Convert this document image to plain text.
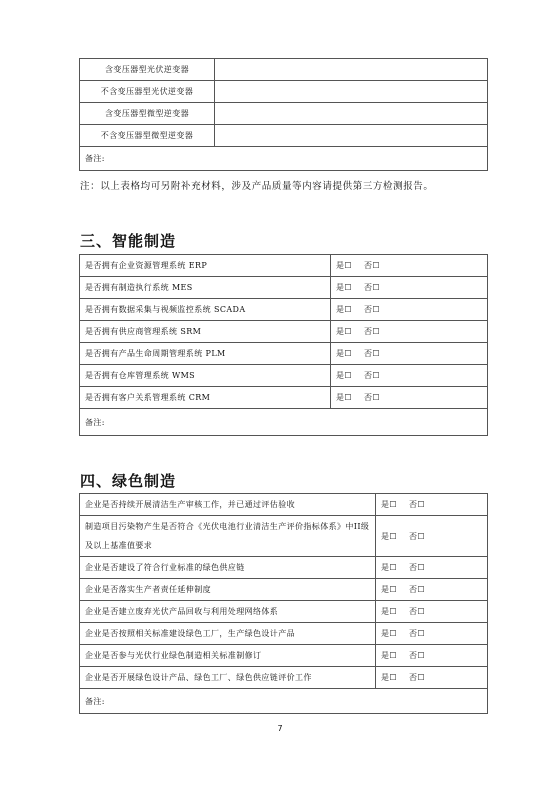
含变压器型光伏逆变器	
不含变压器型光伏逆变器	
含变压器型微型逆变器	
不含变压器型微型逆变器	
备注:	
注：以上表格均可另附补充材料，涉及产品质量等内容请提供第三方检测报告。
三、智能制造
是否拥有企业资源管理系统 ERP	是☐ 否☐
是否拥有制造执行系统 MES	是☐ 否☐
是否拥有数据采集与视频监控系统 SCADA	是☐ 否☐
是否拥有供应商管理系统 SRM	是☐ 否☐
是否拥有产品生命周期管理系统 PLM	是☐ 否☐
是否拥有仓库管理系统 WMS	是☐ 否☐
是否拥有客户关系管理系统 CRM	是☐ 否☐
备注:	
四、绿色制造
企业是否持续开展清洁生产审核工作，并已通过评估验收	是☐ 否☐
制造项目污染物产生是否符合《光伏电池行业清洁生产评价指标体系》中II级及以上基准值要求	是☐ 否☐
企业是否建设了符合行业标准的绿色供应链	是☐ 否☐
企业是否落实生产者责任延伸制度	是☐ 否☐
企业是否建立废弃光伏产品回收与利用处理网络体系	是☐ 否☐
企业是否按照相关标准建设绿色工厂，生产绿色设计产品	是☐ 否☐
企业是否参与光伏行业绿色制造相关标准制修订	是☐ 否☐
企业是否开展绿色设计产品、绿色工厂、绿色供应链评价工作	是☐ 否☐
备注:	
7
